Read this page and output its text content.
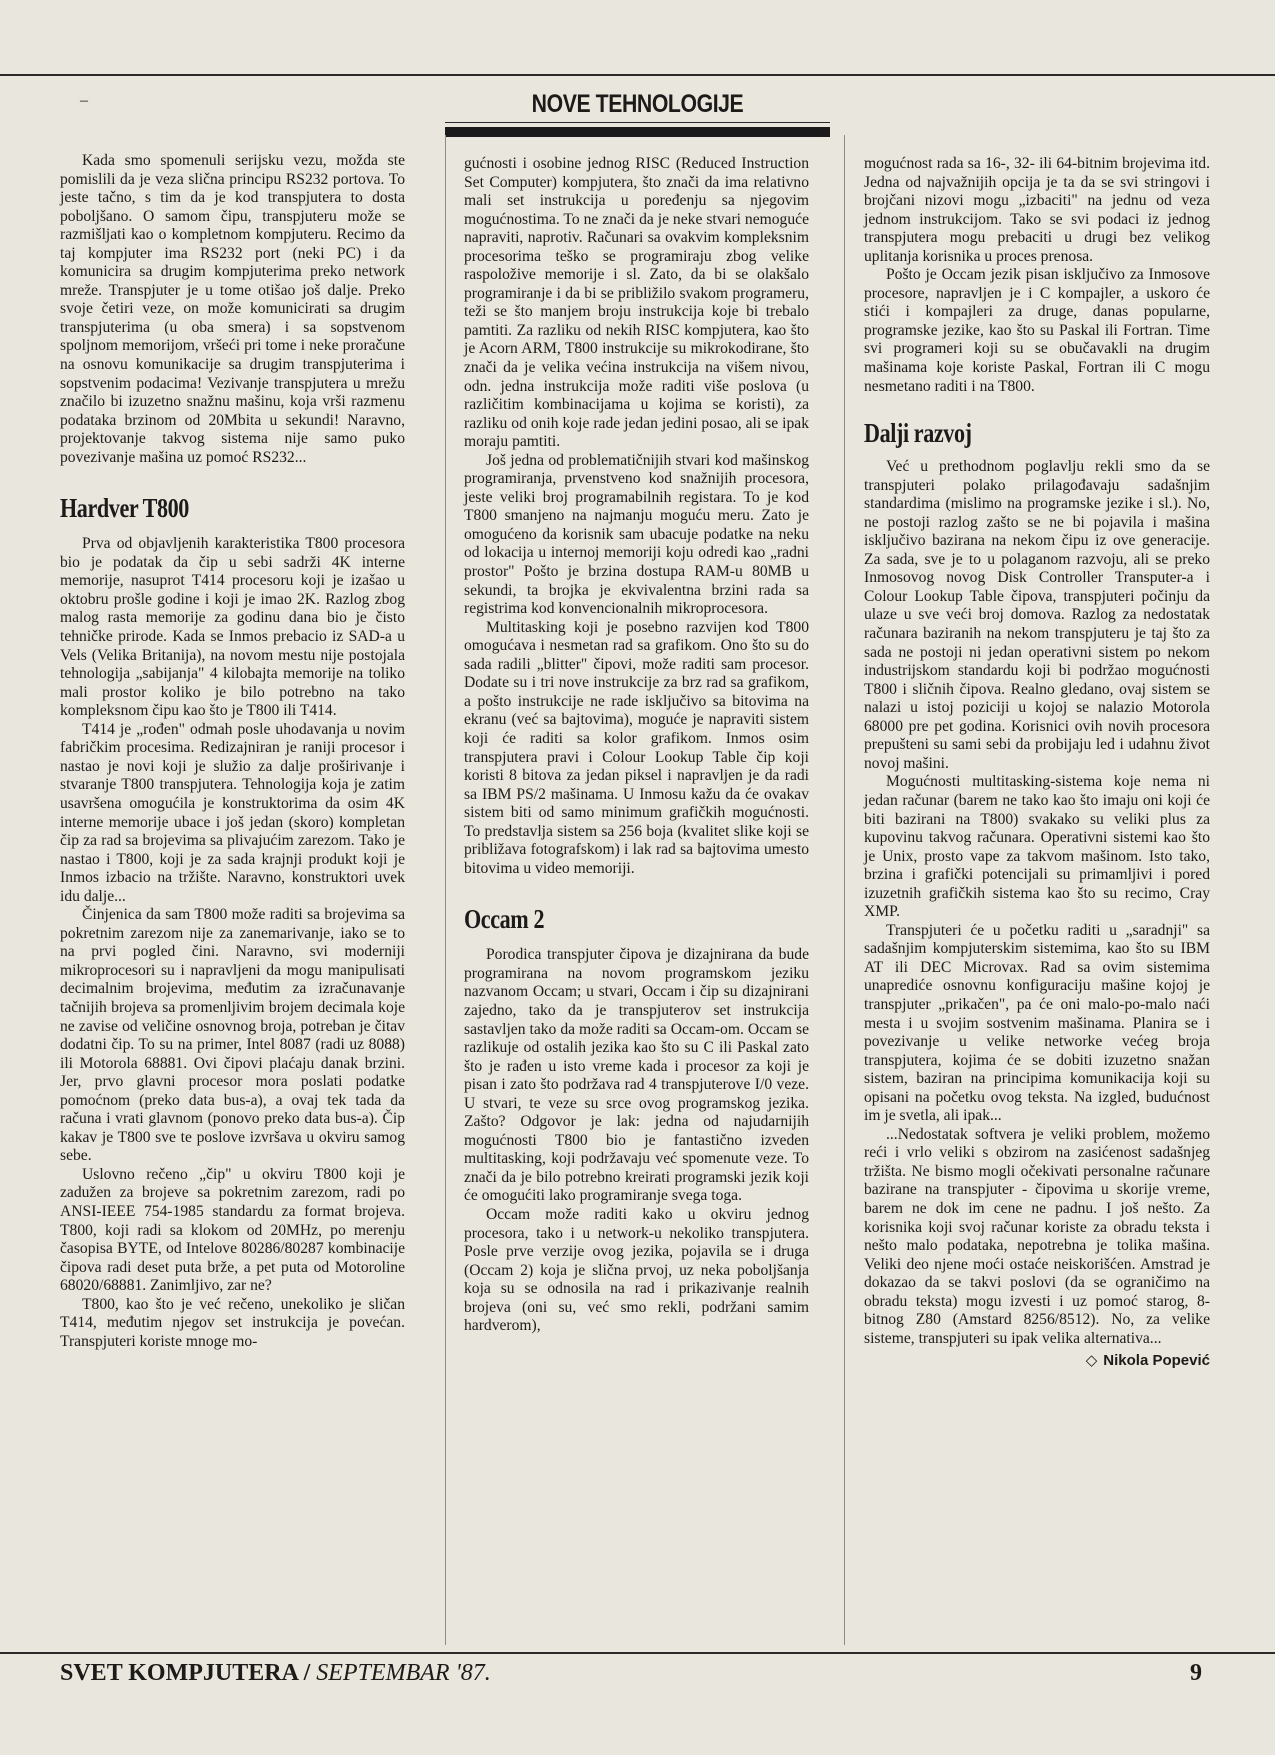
–	NOVE TEHNOLOGIJE

Kada smo spomenuli serijsku vezu, možda ste pomislili da je veza slična principu RS232 portova. To jeste tačno, s tim da je kod transpjutera to dosta poboljšano. O samom čipu, transpjuteru može se razmišljati kao o kompletnom kompjuteru. Recimo da taj kompjuter ima RS232 port (neki PC) i da komunicira sa drugim kompjuterima preko network mreže. Transpjuter je u tome otišao još dalje. Preko svoje četiri veze, on može komunicirati sa drugim transpjuterima (u oba smera) i sa sopstvenom spoljnom memorijom, vršeći pri tome i neke proračune na osnovu komunikacije sa drugim transpjuterima i sopstvenim podacima! Vezivanje transpjutera u mrežu značilo bi izuzetno snažnu mašinu, koja vrši razmenu podataka brzinom od 20Mbita u sekundi! Naravno, projektovanje takvog sistema nije samo puko povezivanje mašina uz pomoć RS232...

Hardver T800

Prva od objavljenih karakteristika T800 procesora bio je podatak da čip u sebi sadrži 4K interne memorije, nasuprot T414 procesoru koji je izašao u oktobru prošle godine i koji je imao 2K. Razlog zbog malog rasta memorije za godinu dana bio je čisto tehničke prirode. Kada se Inmos prebacio iz SAD-a u Vels (Velika Britanija), na novom mestu nije postojala tehnologija „sabijanja" 4 kilobajta memorije na toliko mali prostor koliko je bilo potrebno na tako kompleksnom čipu kao što je T800 ili T414.

T414 je „rođen" odmah posle uhodavanja u novim fabričkim procesima. Redizajniran je raniji procesor i nastao je novi koji je služio za dalje proširivanje i stvaranje T800 transpjutera. Tehnologija koja je zatim usavršena omogućila je konstruktorima da osim 4K interne memorije ubace i još jedan (skoro) kompletan čip za rad sa brojevima sa plivajućim zarezom. Tako je nastao i T800, koji je za sada krajnji produkt koji je Inmos izbacio na tržište. Naravno, konstruktori uvek idu dalje...

Činjenica da sam T800 može raditi sa brojevima sa pokretnim zarezom nije za zanemarivanje, iako se to na prvi pogled čini. Naravno, svi moderniji mikroprocesori su i napravljeni da mogu manipulisati decimalnim brojevima, međutim za izračunavanje tačnijih brojeva sa promenljivim brojem decimala koje ne zavise od veličine osnovnog broja, potreban je čitav dodatni čip. To su na primer, Intel 8087 (radi uz 8088) ili Motorola 68881. Ovi čipovi plaćaju danak brzini. Jer, prvo glavni procesor mora poslati podatke pomoćnom (preko data bus-a), a ovaj tek tada da računa i vrati glavnom (ponovo preko data bus-a). Čip kakav je T800 sve te poslove izvršava u okviru samog sebe.

Uslovno rečeno „čip" u okviru T800 koji je zadužen za brojeve sa pokretnim zarezom, radi po ANSI-IEEE 754-1985 standardu za format brojeva. T800, koji radi sa klokom od 20MHz, po merenju časopisa BYTE, od Intelove 80286/80287 kombinacije čipova radi deset puta brže, a pet puta od Motoroline 68020/68881. Zanimljivo, zar ne?

T800, kao što je već rečeno, unekoliko je sličan T414, međutim njegov set instrukcija je povećan. Transpjuteri koriste mnoge mo-

gućnosti i osobine jednog RISC (Reduced Instruction Set Computer) kompjutera, što znači da ima relativno mali set instrukcija u poređenju sa njegovim mogućnostima. To ne znači da je neke stvari nemoguće napraviti, naprotiv. Računari sa ovakvim kompleksnim procesorima teško se programiraju zbog velike raspoložive memorije i sl. Zato, da bi se olakšalo programiranje i da bi se približilo svakom programeru, teži se što manjem broju instrukcija koje bi trebalo pamtiti. Za razliku od nekih RISC kompjutera, kao što je Acorn ARM, T800 instrukcije su mikrokodirane, što znači da je velika većina instrukcija na višem nivou, odn. jedna instrukcija može raditi više poslova (u različitim kombinacijama u kojima se koristi), za razliku od onih koje rade jedan jedini posao, ali se ipak moraju pamtiti.

Još jedna od problematičnijih stvari kod mašinskog programiranja, prvenstveno kod snažnijih procesora, jeste veliki broj programabilnih registara. To je kod T800 smanjeno na najmanju moguću meru. Zato je omogućeno da korisnik sam ubacuje podatke na neku od lokacija u internoj memoriji koju odredi kao „radni prostor" Pošto je brzina dostupa RAM-u 80MB u sekundi, ta brojka je ekvivalentna brzini rada sa registrima kod konvencionalnih mikroprocesora.

Multitasking koji je posebno razvijen kod T800 omogućava i nesmetan rad sa grafikom. Ono što su do sada radili „blitter" čipovi, može raditi sam procesor. Dodate su i tri nove instrukcije za brz rad sa grafikom, a pošto instrukcije ne rade isključivo sa bitovima na ekranu (već sa bajtovima), moguće je napraviti sistem koji će raditi sa kolor grafikom. Inmos osim transpjutera pravi i Colour Lookup Table čip koji koristi 8 bitova za jedan piksel i napravljen je da radi sa IBM PS/2 mašinama. U Inmosu kažu da će ovakav sistem biti od samo minimum grafičkih mogućnosti. To predstavlja sistem sa 256 boja (kvalitet slike koji se približava fotografskom) i lak rad sa bajtovima umesto bitovima u video memoriji.

Occam 2

Porodica transpjuter čipova je dizajnirana da bude programirana na novom programskom jeziku nazvanom Occam; u stvari, Occam i čip su dizajnirani zajedno, tako da je transpjuterov set instrukcija sastavljen tako da može raditi sa Occam-om. Occam se razlikuje od ostalih jezika kao što su C ili Paskal zato što je rađen u isto vreme kada i procesor za koji je pisan i zato što podržava rad 4 transpjuterove I/0 veze. U stvari, te veze su srce ovog programskog jezika. Zašto? Odgovor je lak: jedna od najudarnijih mogućnosti T800 bio je fantastično izveden multitasking, koji podržavaju već spomenute veze. To znači da je bilo potrebno kreirati programski jezik koji će omogućiti lako programiranje svega toga.

Occam može raditi kako u okviru jednog procesora, tako i u network-u nekoliko transpjutera. Posle prve verzije ovog jezika, pojavila se i druga (Occam 2) koja je slična prvoj, uz neka poboljšanja koja su se odnosila na rad i prikazivanje realnih brojeva (oni su, već smo rekli, podržani samim hardverom),

mogućnost rada sa 16-, 32- ili 64-bitnim brojevima itd. Jedna od najvažnijih opcija je ta da se svi stringovi i brojčani nizovi mogu „izbaciti" na jednu od veza jednom instrukcijom. Tako se svi podaci iz jednog transpjutera mogu prebaciti u drugi bez velikog uplitanja korisnika u proces prenosa.

Pošto je Occam jezik pisan isključivo za Inmosove procesore, napravljen je i C kompajler, a uskoro će stići i kompajleri za druge, danas popularne, programske jezike, kao što su Paskal ili Fortran. Time svi programeri koji su se obučavakli na drugim mašinama koje koriste Paskal, Fortran ili C mogu nesmetano raditi i na T800.

Dalji razvoj

Već u prethodnom poglavlju rekli smo da se transpjuteri polako prilagođavaju sadašnjim standardima (mislimo na programske jezike i sl.). No, ne postoji razlog zašto se ne bi pojavila i mašina isključivo bazirana na nekom čipu iz ove generacije. Za sada, sve je to u polaganom razvoju, ali se preko Inmosovog novog Disk Controller Transputer-a i Colour Lookup Table čipova, transpjuteri počinju da ulaze u sve veći broj domova. Razlog za nedostatak računara baziranih na nekom transpjuteru je taj što za sada ne postoji ni jedan operativni sistem po nekom industrijskom standardu koji bi podržao mogućnosti T800 i sličnih čipova. Realno gledano, ovaj sistem se nalazi u istoj poziciji u kojoj se nalazio Motorola 68000 pre pet godina. Korisnici ovih novih procesora prepušteni su sami sebi da probijaju led i udahnu život novoj mašini.

Mogućnosti multitasking-sistema koje nema ni jedan računar (barem ne tako kao što imaju oni koji će biti bazirani na T800) svakako su veliki plus za kupovinu takvog računara. Operativni sistemi kao što je Unix, prosto vape za takvom mašinom. Isto tako, brzina i grafički potencijali su primamljivi i pored izuzetnih grafičkih sistema kao što su recimo, Cray XMP.

Transpjuteri će u početku raditi u „saradnji" sa sadašnjim kompjuterskim sistemima, kao što su IBM AT ili DEC Microvax. Rad sa ovim sistemima unaprediće osnovnu konfiguraciju mašine kojoj je transpjuter „prikačen", pa će oni malo-po-malo naći mesta i u svojim sostvenim mašinama. Planira se i povezivanje u velike networke većeg broja transpjutera, kojima će se dobiti izuzetno snažan sistem, baziran na principima komunikacija koji su opisani na početku ovog teksta. Na izgled, budućnost im je svetla, ali ipak...

...Nedostatak softvera je veliki problem, možemo reći i vrlo veliki s obzirom na zasićenost sadašnjeg tržišta. Ne bismo mogli očekivati personalne računare bazirane na transpjuter - čipovima u skorije vreme, barem ne dok im cene ne padnu. I još nešto. Za korisnika koji svoj računar koriste za obradu teksta i nešto malo podataka, nepotrebna je tolika mašina. Veliki deo njene moći ostaće neiskorišćen. Amstrad je dokazao da se takvi poslovi (da se ograničimo na obradu teksta) mogu izvesti i uz pomoć starog, 8-bitnog Z80 (Amstard 8256/8512). No, za velike sisteme, transpjuteri su ipak velika alternativa...

◇ Nikola Popević
SVET KOMPJUTERA / SEPTEMBAR '87.	9
